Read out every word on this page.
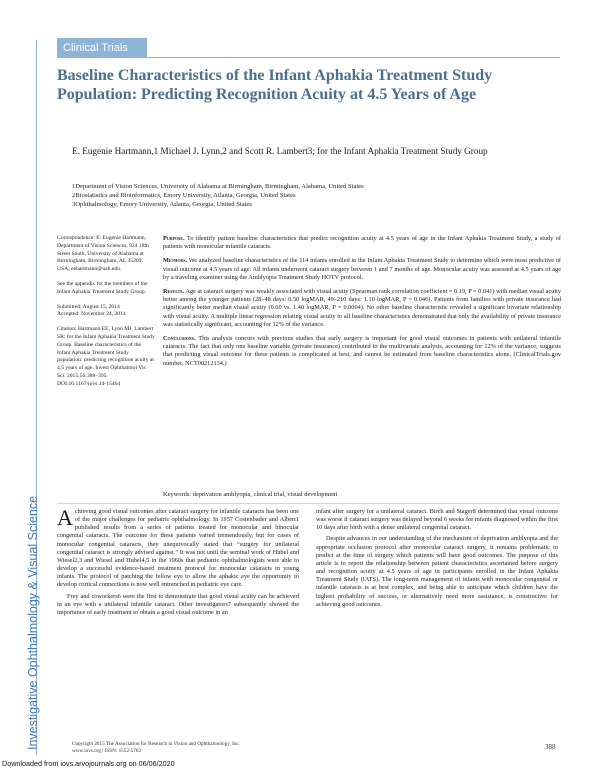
Clinical Trials
Investigative Ophthalmology & Visual Science
Baseline Characteristics of the Infant Aphakia Treatment Study Population: Predicting Recognition Acuity at 4.5 Years of Age
E. Eugenie Hartmann,1 Michael J. Lynn,2 and Scott R. Lambert3; for the Infant Aphakia Treatment Study Group
1Department of Vision Sciences, University of Alabama at Birmingham, Birmingham, Alabama, United States
2Biostatistics and Bioinformatics, Emory University, Atlanta, Georgia, United States
3Ophthalmology, Emory University, Atlanta, Georgia, United States

Correspondence: E. Eugenie Hartmann, Department of Vision Sciences, 924 18th Street South, University of Alabama at Birmingham, Birmingham, AL 35209, USA; eehartmann@uab.edu.

See the appendix for the members of the Infant Aphakia Treatment Study Group.

Submitted: August 15, 2014
Accepted: November 24, 2014

Citation: Hartmann EE, Lynn MJ, Lambert SR; for the Infant Aphakia Treatment Study Group. Baseline characteristics of the Infant Aphakia Treatment Study population: predicting recognition acuity at 4.5 years of age. Invest Ophthalmol Vis Sci. 2015;56:388–395. DOI:10.1167/iovs.14-15464

Purpose. To identify patient baseline characteristics that predict recognition acuity at 4.5 years of age in the Infant Aphakia Treatment Study, a study of patients with monocular infantile cataracts.

Methods. We analyzed baseline characteristics of the 114 infants enrolled in the Infant Aphakia Treatment Study to determine which were most predictive of visual outcome at 4.5 years of age. All infants underwent cataract surgery between 1 and 7 months of age. Monocular acuity was assessed at 4.5 years of age by a traveling examiner using the Amblyopia Treatment Study HOTV protocol.

Results. Age at cataract surgery was weakly associated with visual acuity (Spearman rank correlation coefficient = 0.19, P = 0.041) with median visual acuity better among the younger patients (28–48 days: 0.50 logMAR, 49–210 days: 1.10 logMAR, P = 0.046). Patients from families with private insurance had significantly better median visual acuity (0.60 vs. 1.40 logMAR, P = 0.0004). No other baseline characteristic revealed a significant bivariate relationship with visual acuity. A multiple linear regression relating visual acuity to all baseline characteristics demonstrated that only the availability of private insurance was statistically significant, accounting for 12% of the variance.

Conclusions. This analysis concurs with previous studies that early surgery is important for good visual outcomes in patients with unilateral infantile cataracts. The fact that only one baseline variable (private insurance) contributed to the multivariate analysis, accounting for 12% of the variance, suggests that predicting visual outcome for these patients is complicated at best, and cannot be estimated from baseline characteristics alone. (ClinicalTrials.gov number, NCT00212134.)

Keywords: deprivation amblyopia, clinical trial, visual development

Achieving good visual outcomes after cataract surgery for infantile cataracts has been one of the major challenges for pediatric ophthalmology. In 1957 Costenbader and Albert1 published results from a series of patients treated for monocular and binocular congenital cataracts. The outcome for these patients varied tremendously, but for cases of monocular congenital cataracts, they unequivocally stated that “surgery for unilateral congenital cataract is strongly advised against.” It was not until the seminal work of Hubel and Wiesel2,3 and Wiesel and Hubel4,5 in the 1960s that pediatric ophthalmologists were able to develop a successful evidence-based treatment protocol for monocular cataracts in young infants. The protocol of patching the fellow eye to allow the aphakic eye the opportunity to develop cortical connections is now well entrenched in pediatric eye care.

Frey and coworkers6 were the first to demonstrate that good visual acuity can be achieved in an eye with a unilateral infantile cataract. Other investigators7 subsequently showed the importance of early treatment to obtain a good visual outcome in an

infant after surgery for a unilateral cataract. Birch and Stager8 determined that visual outcome was worse if cataract surgery was delayed beyond 6 weeks for infants diagnosed within the first 10 days after birth with a dense unilateral congenital cataract.

Despite advances in our understanding of the mechanism of deprivation amblyopia and the appropriate occlusion protocol after monocular cataract surgery, it remains problematic to predict at the time of surgery which patients will have good outcomes. The purpose of this article is to report the relationship between patient characteristics ascertained before surgery and recognition acuity at 4.5 years of age in participants enrolled in the Infant Aphakia Treatment Study (IATS). The long-term management of infants with monocular congenital or infantile cataracts is at best complex, and being able to anticipate which children have the highest probability of success, or alternatively need more assistance, is constructive for achieving good outcomes.

Copyright 2015 The Association for Research in Vision and Ophthalmology, Inc.
www.iovs.org | ISSN: 1552-5783	388
Downloaded from iovs.arvojournals.org on 06/06/2020
